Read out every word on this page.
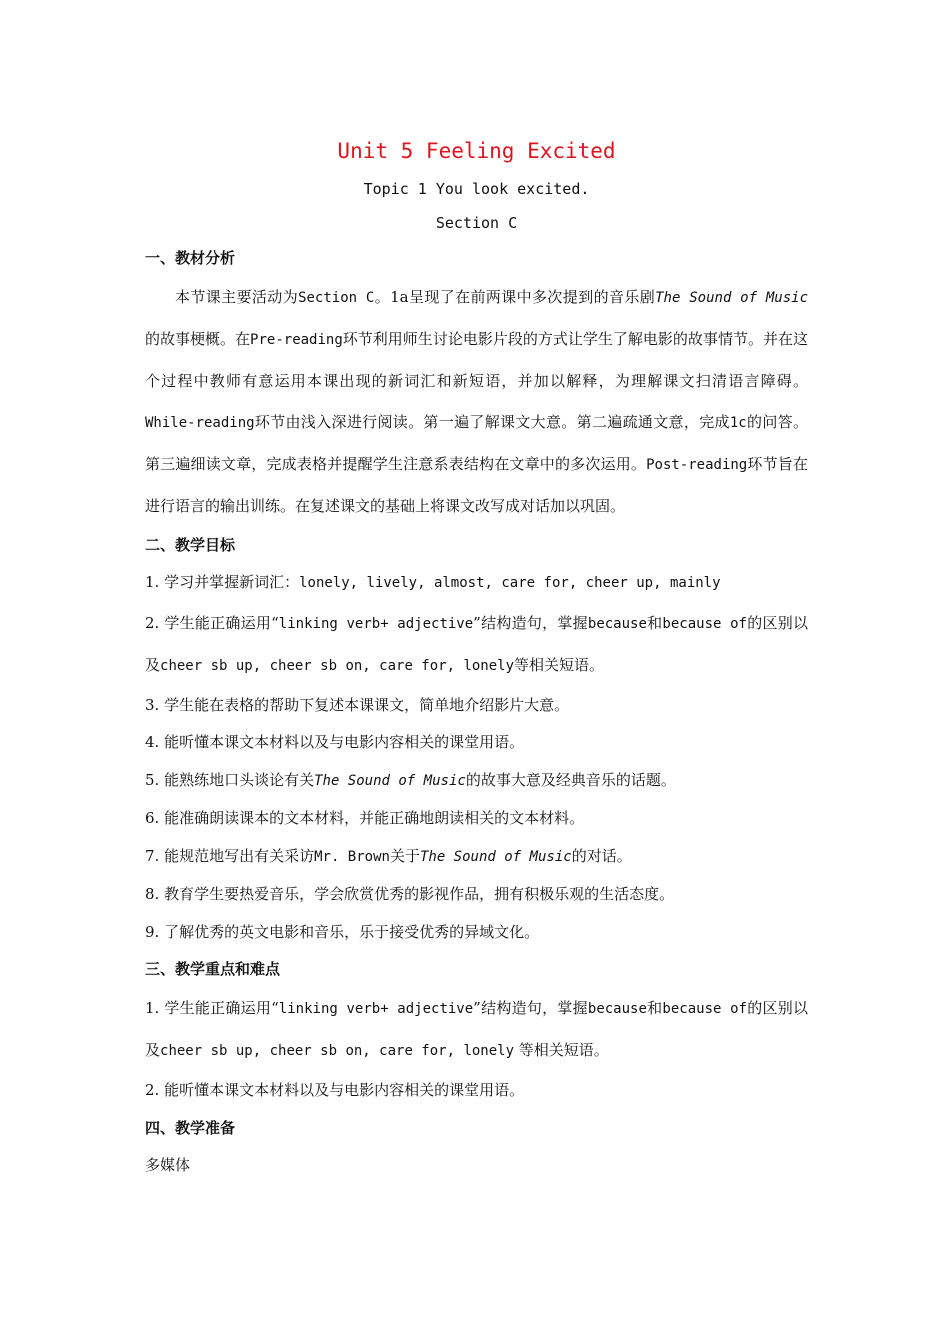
Unit 5 Feeling Excited

Topic 1 You look excited.

Section C

一、教材分析

本节课主要活动为Section C。1a呈现了在前两课中多次提到的音乐剧The Sound of Music的故事梗概。在Pre-reading环节利用师生讨论电影片段的方式让学生了解电影的故事情节。并在这个过程中教师有意运用本课出现的新词汇和新短语，并加以解释，为理解课文扫清语言障碍。While-reading环节由浅入深进行阅读。第一遍了解课文大意。第二遍疏通文意，完成1c的问答。第三遍细读文章，完成表格并提醒学生注意系表结构在文章中的多次运用。Post-reading环节旨在进行语言的输出训练。在复述课文的基础上将课文改写成对话加以巩固。

二、教学目标

1. 学习并掌握新词汇：lonely, lively, almost, care for, cheer up, mainly

2. 学生能正确运用“linking verb+ adjective”结构造句，掌握because和because of的区别以及cheer sb up, cheer sb on, care for, lonely等相关短语。

3. 学生能在表格的帮助下复述本课课文，简单地介绍影片大意。

4. 能听懂本课文本材料以及与电影内容相关的课堂用语。

5. 能熟练地口头谈论有关The Sound of Music的故事大意及经典音乐的话题。

6. 能准确朗读课本的文本材料，并能正确地朗读相关的文本材料。

7. 能规范地写出有关采访Mr. Brown关于The Sound of Music的对话。

8. 教育学生要热爱音乐，学会欣赏优秀的影视作品，拥有积极乐观的生活态度。

9. 了解优秀的英文电影和音乐，乐于接受优秀的异域文化。

三、教学重点和难点

1. 学生能正确运用“linking verb+ adjective”结构造句，掌握because和because of的区别以及cheer sb up, cheer sb on, care for, lonely 等相关短语。

2. 能听懂本课文本材料以及与电影内容相关的课堂用语。

四、教学准备

多媒体
